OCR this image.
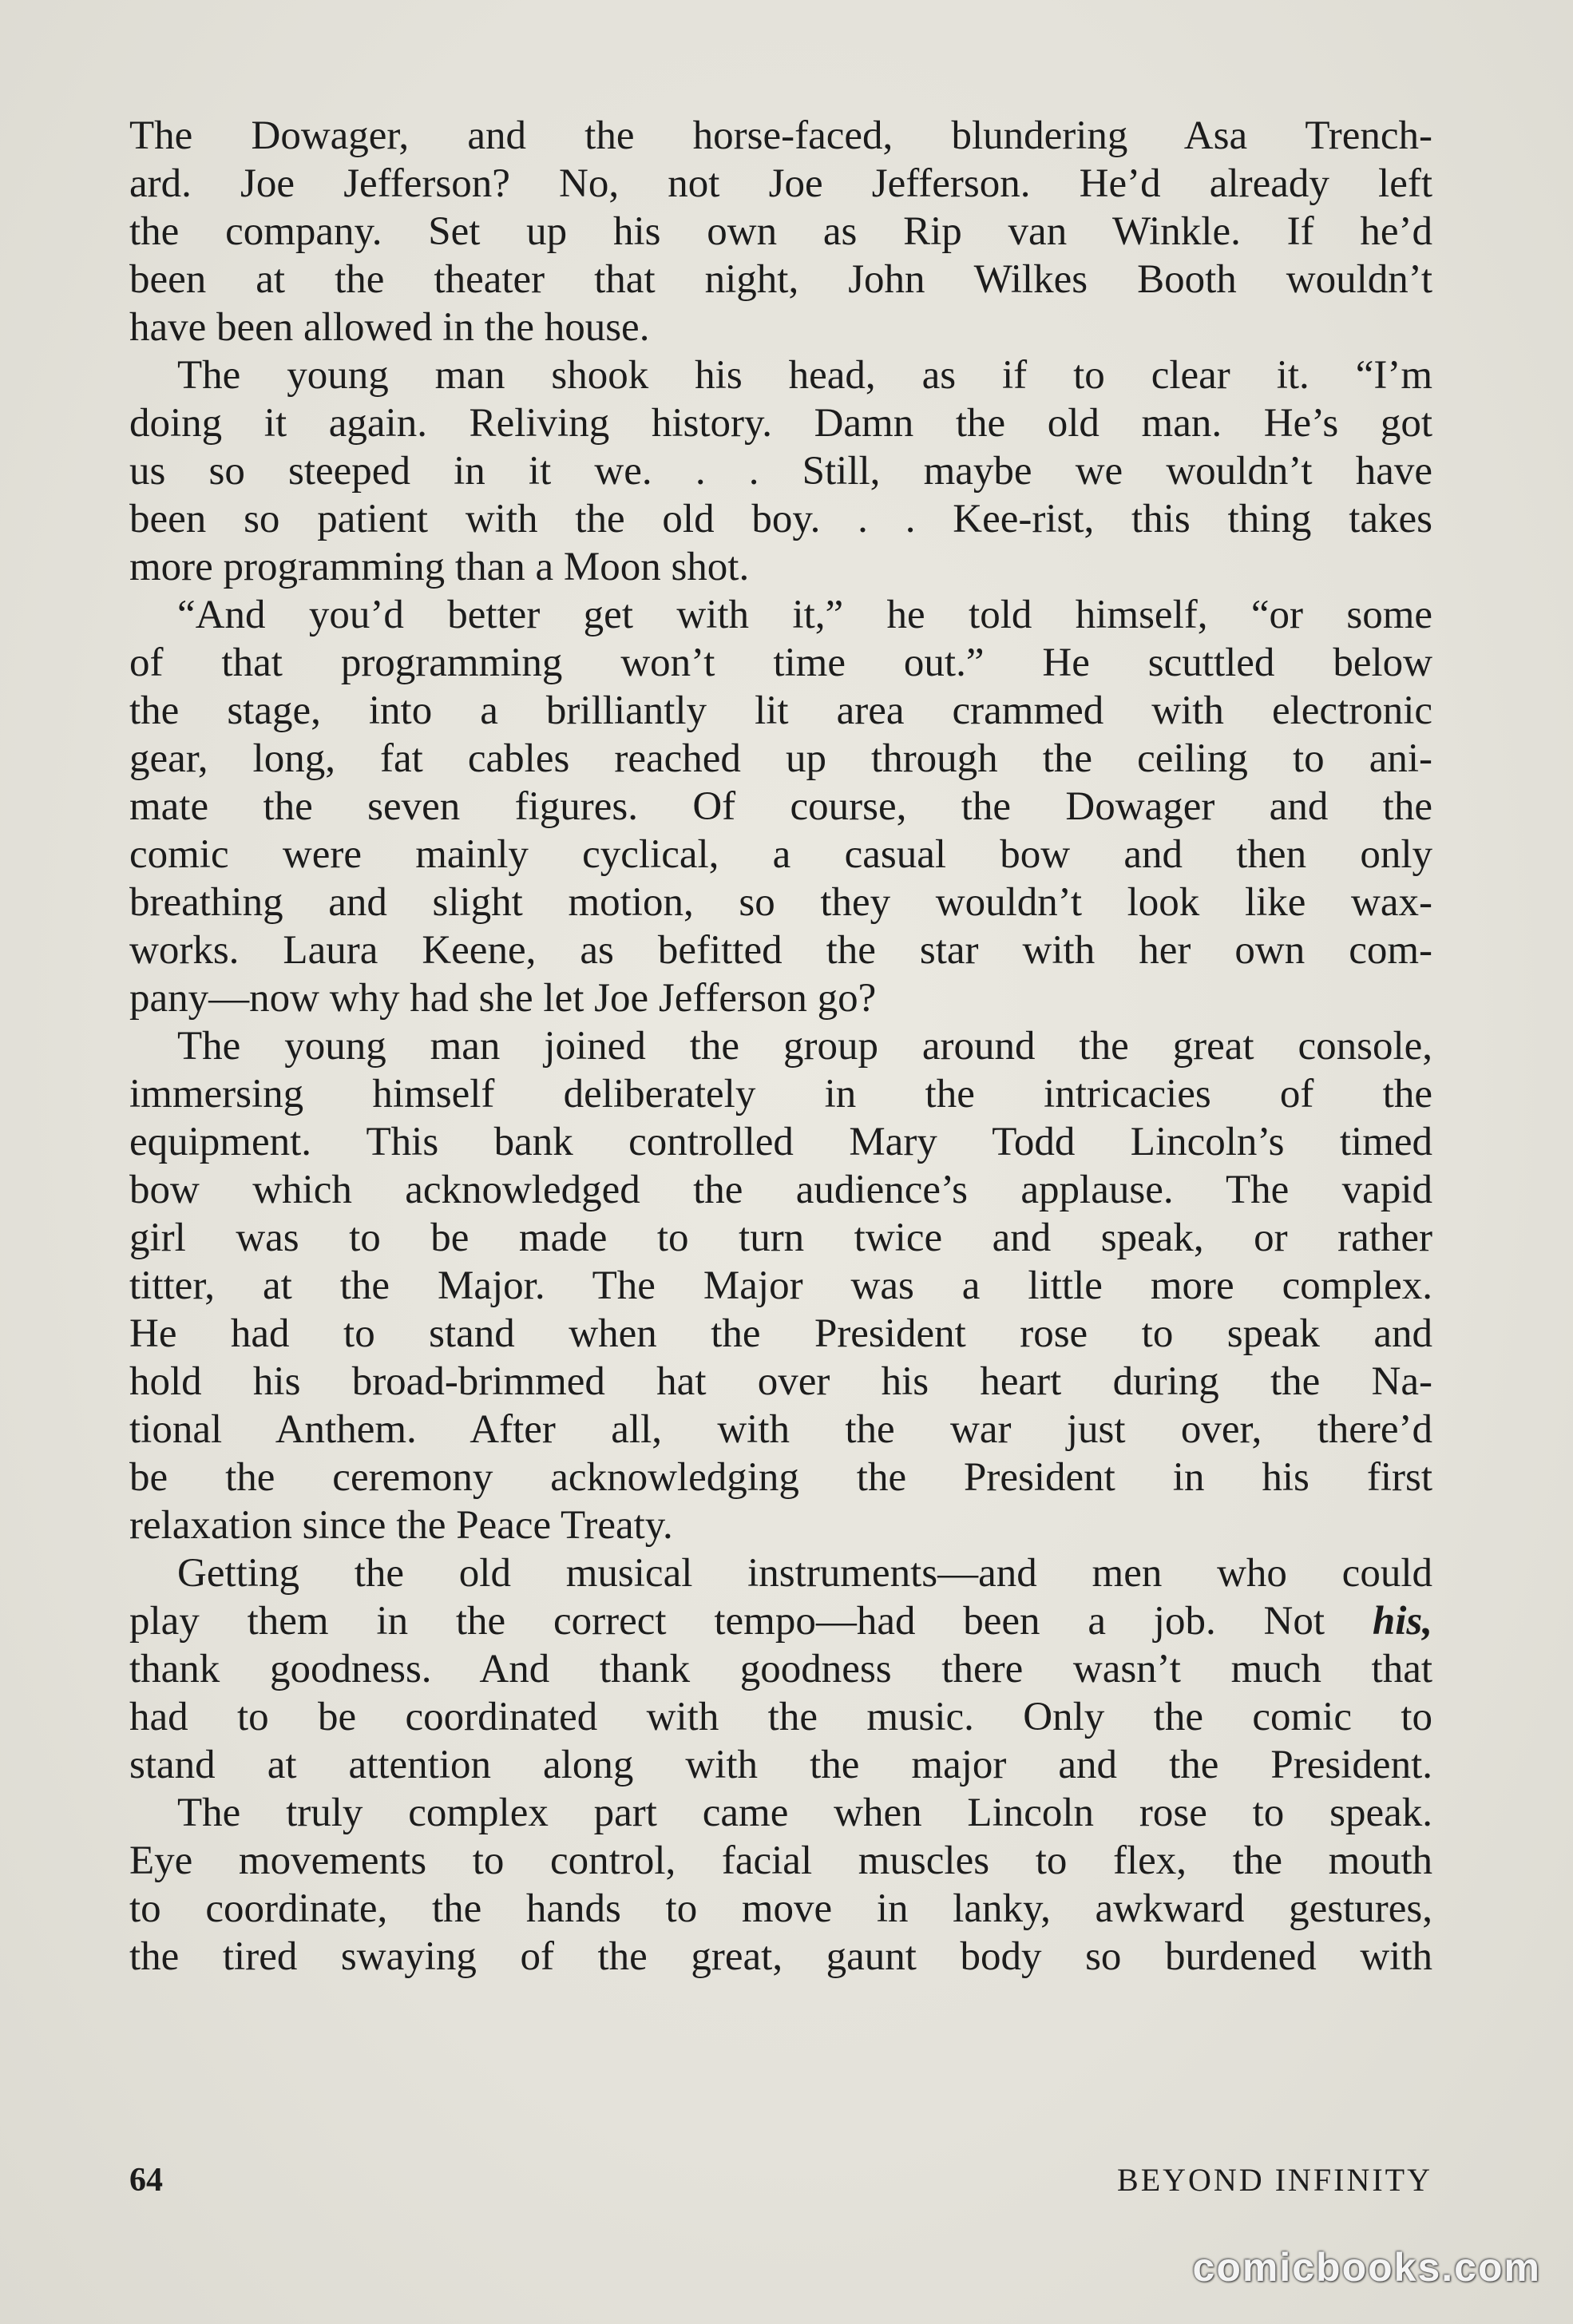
The Dowager, and the horse-faced, blundering Asa Trench-
ard. Joe Jefferson? No, not Joe Jefferson. He’d already left
the company. Set up his own as Rip van Winkle. If he’d
been at the theater that night, John Wilkes Booth wouldn’t
have been allowed in the house.
The young man shook his head, as if to clear it. “I’m
doing it again. Reliving history. Damn the old man. He’s got
us so steeped in it we. . . Still, maybe we wouldn’t have
been so patient with the old boy. . . Kee-rist, this thing takes
more programming than a Moon shot.
“And you’d better get with it,” he told himself, “or some
of that programming won’t time out.” He scuttled below
the stage, into a brilliantly lit area crammed with electronic
gear, long, fat cables reached up through the ceiling to ani-
mate the seven figures. Of course, the Dowager and the
comic were mainly cyclical, a casual bow and then only
breathing and slight motion, so they wouldn’t look like wax-
works. Laura Keene, as befitted the star with her own com-
pany—now why had she let Joe Jefferson go?
The young man joined the group around the great console,
immersing himself deliberately in the intricacies of the
equipment. This bank controlled Mary Todd Lincoln’s timed
bow which acknowledged the audience’s applause. The vapid
girl was to be made to turn twice and speak, or rather
titter, at the Major. The Major was a little more complex.
He had to stand when the President rose to speak and
hold his broad-brimmed hat over his heart during the Na-
tional Anthem. After all, with the war just over, there’d
be the ceremony acknowledging the President in his first
relaxation since the Peace Treaty.
Getting the old musical instruments—and men who could
play them in the correct tempo—had been a job. Not his,
thank goodness. And thank goodness there wasn’t much that
had to be coordinated with the music. Only the comic to
stand at attention along with the major and the President.
The truly complex part came when Lincoln rose to speak.
Eye movements to control, facial muscles to flex, the mouth
to coordinate, the hands to move in lanky, awkward gestures,
the tired swaying of the great, gaunt body so burdened with
64	BEYOND INFINITY
comicbooks.com
